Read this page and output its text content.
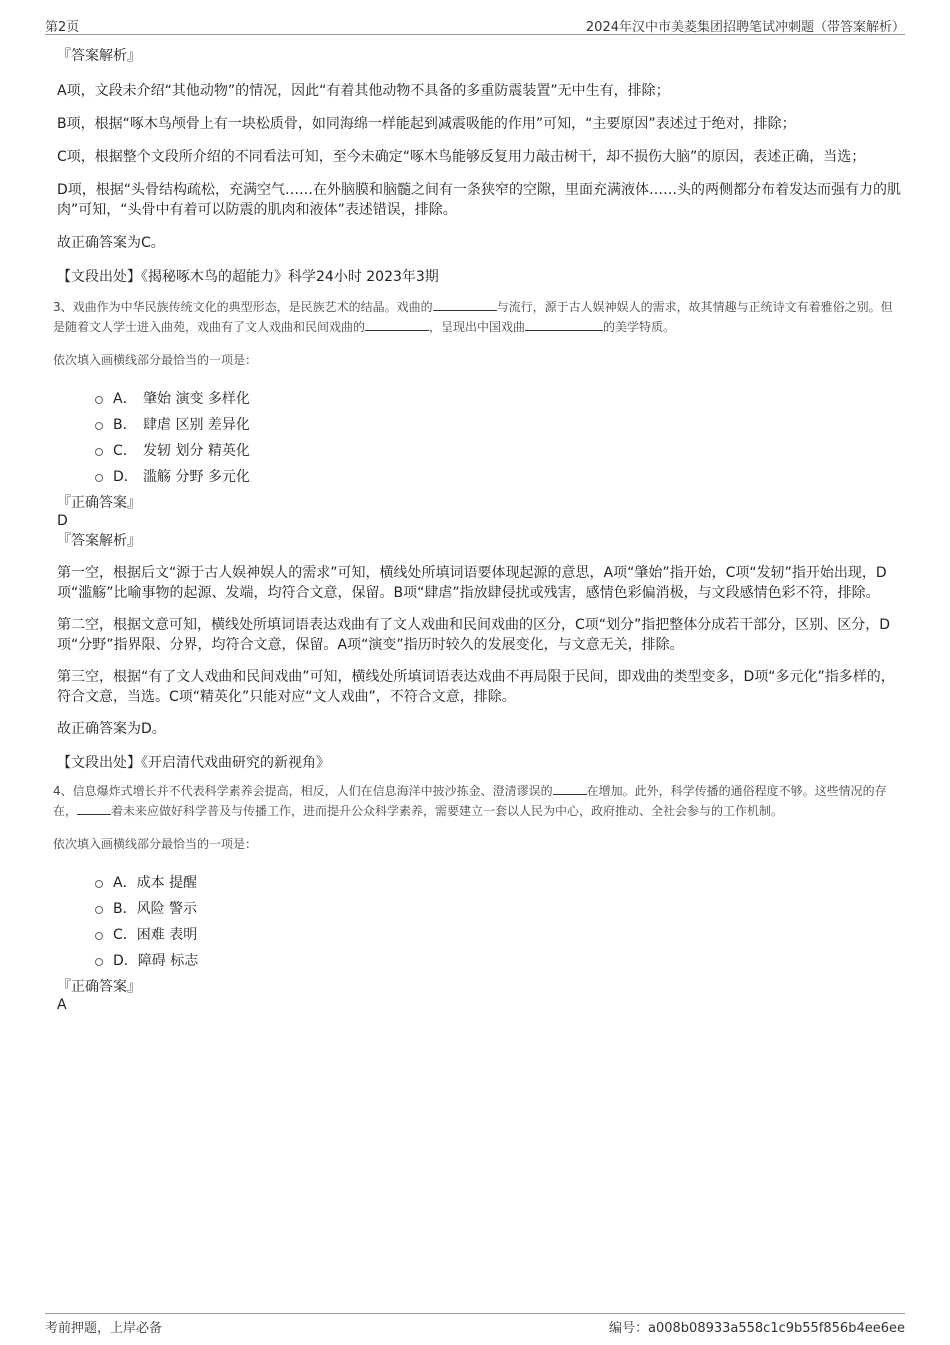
第2页	2024年汉中市美菱集团招聘笔试冲刺题（带答案解析）
『答案解析』

A项，文段未介绍“其他动物”的情况，因此“有着其他动物不具备的多重防震装置”无中生有，排除；

B项，根据“啄木鸟颅骨上有一块松质骨，如同海绵一样能起到减震吸能的作用”可知，“主要原因”表述过于绝对，排除；

C项，根据整个文段所介绍的不同看法可知，至今未确定“啄木鸟能够反复用力敲击树干，却不损伤大脑”的原因，表述正确，当选；

D项，根据“头骨结构疏松，充满空气……在外脑膜和脑髓之间有一条狭窄的空隙，里面充满液体……头的两侧都分布着发达而强有力的肌肉”可知，“头骨中有着可以防震的肌肉和液体”表述错误，排除。

故正确答案为C。

【文段出处】《揭秘啄木鸟的超能力》科学24小时 2023年3期

3、戏曲作为中华民族传统文化的典型形态，是民族艺术的结晶。戏曲的	与流行，源于古人娱神娱人的需求，故其情趣与正统诗文有着雅俗之别。但是随着文人学士进入曲苑，戏曲有了文人戏曲和民间戏曲的	，呈现出中国戏曲	的美学特质。

依次填入画横线部分最恰当的一项是：
A． 肇始 演变 多样化
B． 肆虐 区别 差异化
C． 发轫 划分 精英化
D． 滥觞 分野 多元化
『正确答案』
D
『答案解析』

第一空，根据后文“源于古人娱神娱人的需求”可知，横线处所填词语要体现起源的意思，A项“肇始”指开始，C项“发轫”指开始出现，D项“滥觞”比喻事物的起源、发端，均符合文意，保留。B项“肆虐”指放肆侵扰或残害，感情色彩偏消极，与文段感情色彩不符，排除。

第二空，根据文意可知，横线处所填词语表达戏曲有了文人戏曲和民间戏曲的区分，C项“划分”指把整体分成若干部分，区别、区分，D项“分野”指界限、分界，均符合文意，保留。A项“演变”指历时较久的发展变化，与文意无关，排除。

第三空，根据“有了文人戏曲和民间戏曲”可知，横线处所填词语表达戏曲不再局限于民间，即戏曲的类型变多，D项“多元化”指多样的，符合文意，当选。C项“精英化”只能对应“文人戏曲”，不符合文意，排除。

故正确答案为D。

【文段出处】《开启清代戏曲研究的新视角》

4、信息爆炸式增长并不代表科学素养会提高，相反，人们在信息海洋中披沙拣金、澄清谬误的	在增加。此外，科学传播的通俗程度不够。这些情况的存在，	着未来应做好科学普及与传播工作，进而提升公众科学素养，需要建立一套以人民为中心，政府推动、全社会参与的工作机制。

依次填入画横线部分最恰当的一项是：
A． 成本 提醒
B． 风险 警示
C． 困难 表明
D． 障碍 标志
『正确答案』
A
考前押题，上岸必备	编号：a008b08933a558c1c9b55f856b4ee6ee
